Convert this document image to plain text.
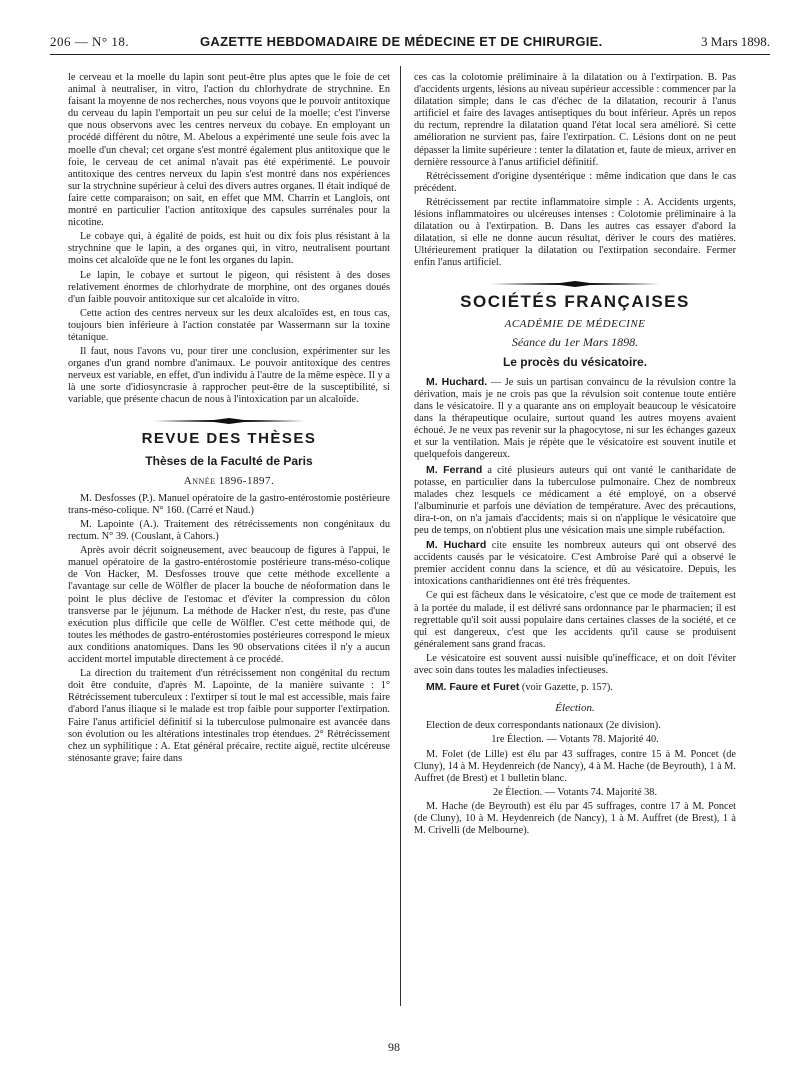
206 — N° 18.	GAZETTE HEBDOMADAIRE DE MÉDECINE ET DE CHIRURGIE.	3 Mars 1898.

le cerveau et la moelle du lapin sont peut-être plus aptes que le foie de cet animal à neutraliser, in vitro, l'action du chlorhydrate de strychnine. En faisant la moyenne de nos recherches, nous voyons que le pouvoir antitoxique du cerveau du lapin l'emportait un peu sur celui de la moelle; c'est l'inverse que nous observons avec les centres nerveux du cobaye. En employant un procédé différent du nôtre, M. Abelous a expérimenté une seule fois avec la moelle d'un cheval; cet organe s'est montré également plus antitoxique que le foie, le cerveau de cet animal n'avait pas été expérimenté. Le pouvoir antitoxique des centres nerveux du lapin s'est montré dans nos expériences sur la strychnine supérieur à celui des divers autres organes. Il était indiqué de faire cette comparaison; on sait, en effet que MM. Charrin et Langlois, ont montré en particulier l'action antitoxique des capsules surrénales pour la nicotine.

Le cobaye qui, à égalité de poids, est huit ou dix fois plus résistant à la strychnine que le lapin, a des organes qui, in vitro, neutralisent pourtant moins cet alcaloïde que ne le font les organes du lapin.

Le lapin, le cobaye et surtout le pigeon, qui résistent à des doses relativement énormes de chlorhydrate de morphine, ont des organes doués d'un faible pouvoir antitoxique sur cet alcaloïde in vitro.

Cette action des centres nerveux sur les deux alcaloïdes est, en tous cas, toujours bien inférieure à l'action constatée par Wassermann sur la toxine tétanique.

Il faut, nous l'avons vu, pour tirer une conclusion, expérimenter sur les organes d'un grand nombre d'animaux. Le pouvoir antitoxique des centres nerveux est variable, en effet, d'un individu à l'autre de la même espèce. Il y a là une sorte d'idiosyncrasie à rapprocher peut-être de la susceptibilité, si variable, que présente chacun de nous à l'intoxication par un alcaloïde.

REVUE DES THÈSES
Thèses de la Faculté de Paris
Année 1896-1897.

M. Desfosses (P.). Manuel opératoire de la gastro-entérostomie postérieure trans-méso-colique. N° 160. (Carré et Naud.)

M. Lapointe (A.). Traitement des rétrécissements non congénitaux du rectum. N° 39. (Couslant, à Cahors.)

Après avoir décrit soigneusement, avec beaucoup de figures à l'appui, le manuel opératoire de la gastro-entérostomie postérieure trans-méso-colique de Von Hacker, M. Desfosses trouve que cette méthode excellente a l'avantage sur celle de Wölfler de placer la bouche de néoformation dans le point le plus déclive de l'estomac et d'éviter la compression du côlon transverse par le jéjunum. La méthode de Hacker n'est, du reste, pas d'une exécution plus difficile que celle de Wölfler. C'est cette méthode qui, de toutes les méthodes de gastro-entérostomies postérieures correspond le mieux aux conditions anatomiques. Dans les 90 observations citées il n'y a aucun accident mortel imputable directement à ce procédé.

La direction du traitement d'un rétrécissement non congénital du rectum doit être conduite, d'après M. Lapointe, de la manière suivante : 1° Rétrécissement tuberculeux : l'extirper si tout le mal est accessible, mais faire d'abord l'anus iliaque si le malade est trop faible pour supporter l'extirpation. Faire l'anus artificiel définitif si la tuberculose pulmonaire est avancée dans son évolution ou les altérations intestinales trop étendues. 2° Rétrécissement chez un syphilitique : A. Etat général précaire, rectite aiguë, rectite ulcéreuse sténosante grave; faire dans

ces cas la colotomie préliminaire à la dilatation ou à l'extirpation. B. Pas d'accidents urgents, lésions au niveau supérieur accessible : commencer par la dilatation simple; dans le cas d'échec de la dilatation, recourir à l'anus artificiel et faire des lavages antiseptiques du bout inférieur. Après un repos du rectum, reprendre la dilatation quand l'état local sera amélioré. Si cette amélioration ne survient pas, faire l'extirpation. C. Lésions dont on ne peut dépasser la limite supérieure : tenter la dilatation et, faute de mieux, arriver en dernière ressource à l'anus artificiel définitif.

Rétrécissement d'origine dysentérique : même indication que dans le cas précédent.

Rétrécissement par rectite inflammatoire simple : A. Accidents urgents, lésions inflammatoires ou ulcéreuses intenses : Colotomie préliminaire à la dilatation ou à l'extirpation. B. Dans les autres cas essayer d'abord la dilatation, si elle ne donne aucun résultat, dériver le cours des matières. Ultérieurement pratiquer la dilatation ou l'extirpation secondaire. Fermer enfin l'anus artificiel.

SOCIÉTÉS FRANÇAISES
ACADÉMIE DE MÉDECINE
Séance du 1er Mars 1898.
Le procès du vésicatoire.

M. Huchard. — Je suis un partisan convaincu de la révulsion contre la dérivation, mais je ne crois pas que la révulsion soit contenue toute entière dans le vésicatoire. Il y a quarante ans on employait beaucoup le vésicatoire dans la thérapeutique oculaire, surtout quand les autres moyens avaient échoué. Je ne veux pas revenir sur la phagocytose, ni sur les échanges gazeux et sur la ventilation. Mais je répète que le vésicatoire est souvent inutile et quelquefois dangereux.

M. Ferrand a cité plusieurs auteurs qui ont vanté le cantharidate de potasse, en particulier dans la tuberculose pulmonaire. Chez de nombreux malades chez lesquels ce médicament a été employé, on a observé l'albuminurie et parfois une déviation de température. Avec des précautions, dira-t-on, on n'a jamais d'accidents; mais si on n'applique le vésicatoire que peu de temps, on n'obtient plus une vésication mais une simple rubéfaction.

M. Huchard cite ensuite les nombreux auteurs qui ont observé des accidents causés par le vésicatoire. C'est Ambroise Paré qui a observé le premier accident connu dans la science, et dû au vésicatoire. Depuis, les intoxications cantharidiennes ont été très fréquentes.

Ce qui est fâcheux dans le vésicatoire, c'est que ce mode de traitement est à la portée du malade, il est délivré sans ordonnance par le pharmacien; il est regrettable qu'il soit aussi populaire dans certaines classes de la société, et ce qui est dangereux, c'est que les accidents qu'il cause se produisent généralement sans grand fracas.

Le vésicatoire est souvent aussi nuisible qu'inefficace, et on doit l'éviter avec soin dans toutes les maladies infectieuses.

MM. Faure et Furet (voir Gazette, p. 157).

Élection.

Election de deux correspondants nationaux (2e division).

1re Élection. — Votants 78. Majorité 40.

M. Folet (de Lille) est élu par 43 suffrages, contre 15 à M. Poncet (de Cluny), 14 à M. Heydenreich (de Nancy), 4 à M. Hache (de Beyrouth), 1 à M. Auffret (de Brest) et 1 bulletin blanc.

2e Élection. — Votants 74. Majorité 38.

M. Hache (de Beyrouth) est élu par 45 suffrages, contre 17 à M. Poncet (de Cluny), 10 à M. Heydenreich (de Nancy), 1 à M. Auffret (de Brest), 1 à M. Crivelli (de Melbourne).

98
